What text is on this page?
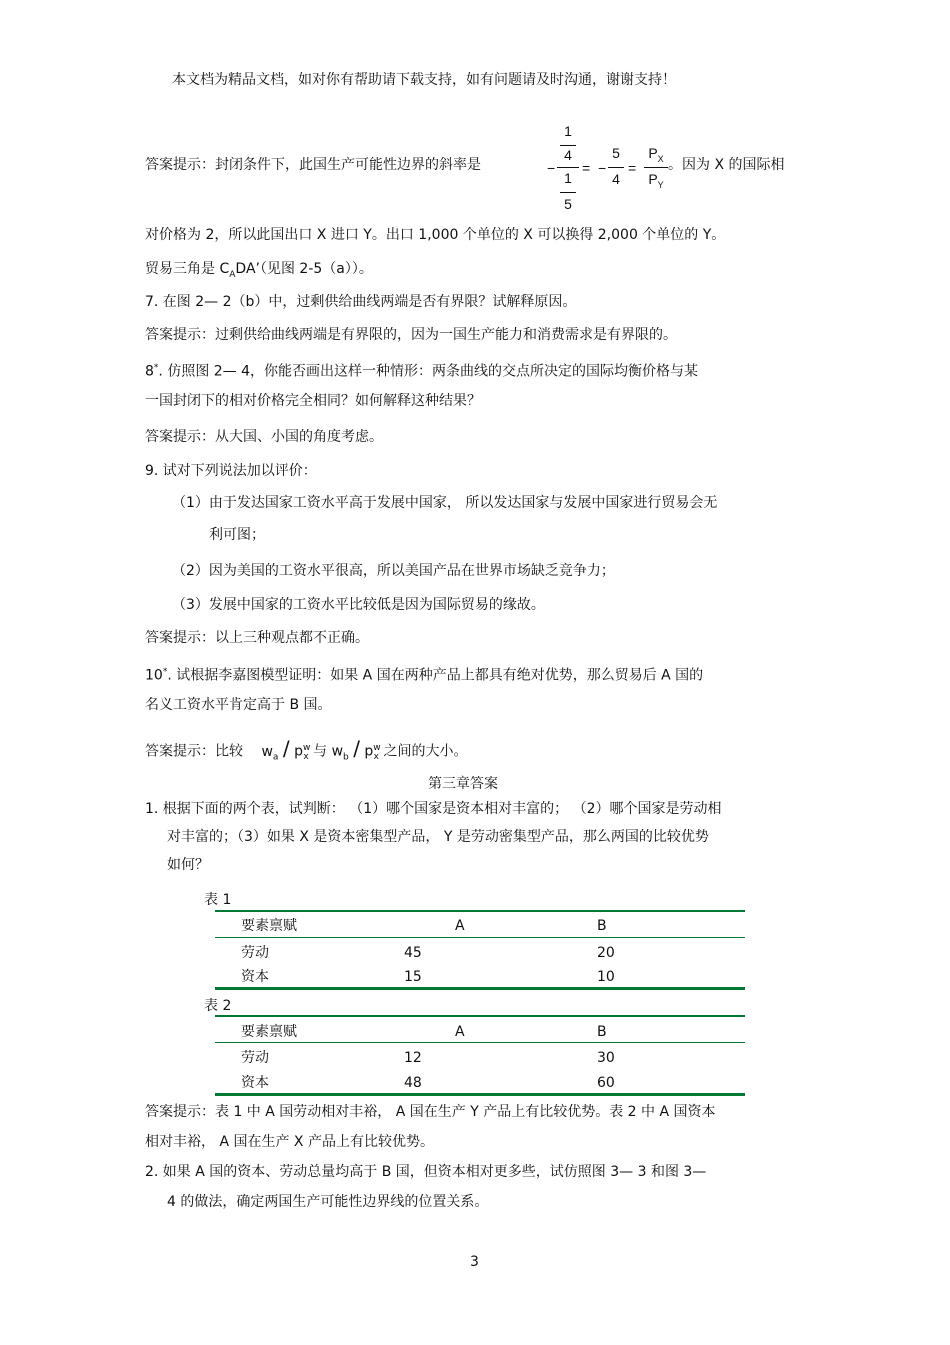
本文档为精品文档，如对你有帮助请下载支持，如有问题请及时沟通，谢谢支持！
答案提示：封闭条件下，此国生产可能性边界的斜率是	−
1
4
1
5
= −
5
4
=
$P_X$
$P_Y$
。因为 X 的国际相
对价格为 2，所以此国出口 X 进口 Y。出口 1,000 个单位的 X 可以换得 2,000 个单位的 Y。
贸易三角是 $C_ADA$’（见图 2-5（a））。
7. 在图 2— 2（b）中，过剩供给曲线两端是否有界限？试解释原因。
答案提示：过剩供给曲线两端是有界限的，因为一国生产能力和消费需求是有界限的。
8*. 仿照图 2— 4，你能否画出这样一种情形：两条曲线的交点所决定的国际均衡价格与某
一国封闭下的相对价格完全相同？如何解释这种结果？
答案提示：从大国、小国的角度考虑。
9. 试对下列说法加以评价：
（1）由于发达国家工资水平高于发展中国家， 所以发达国家与发展中国家进行贸易会无
利可图；
（2）因为美国的工资水平很高，所以美国产品在世界市场缺乏竞争力；
（3）发展中国家的工资水平比较低是因为国际贸易的缘故。
答案提示：以上三种观点都不正确。
10*. 试根据李嘉图模型证明：如果 A 国在两种产品上都具有绝对优势，那么贸易后 A 国的
名义工资水平肯定高于 B 国。
答案提示：比较 $w_a / p^w_x$ 与 $w_b / p^w_x$ 之间的大小。
第三章答案
1. 根据下面的两个表，试判断： （1）哪个国家是资本相对丰富的； （2）哪个国家是劳动相
对丰富的；（3）如果 X 是资本密集型产品， Y 是劳动密集型产品，那么两国的比较优势
如何？
表 1
要素禀赋	A	B
劳动	45	20
资本	15	10
表 2
要素禀赋	A	B
劳动	12	30
资本	48	60
答案提示：表 1 中 A 国劳动相对丰裕， A 国在生产 Y 产品上有比较优势。表 2 中 A 国资本
相对丰裕， A 国在生产 X 产品上有比较优势。
2. 如果 A 国的资本、劳动总量均高于 B 国，但资本相对更多些，试仿照图 3— 3 和图 3—
4 的做法，确定两国生产可能性边界线的位置关系。
3
